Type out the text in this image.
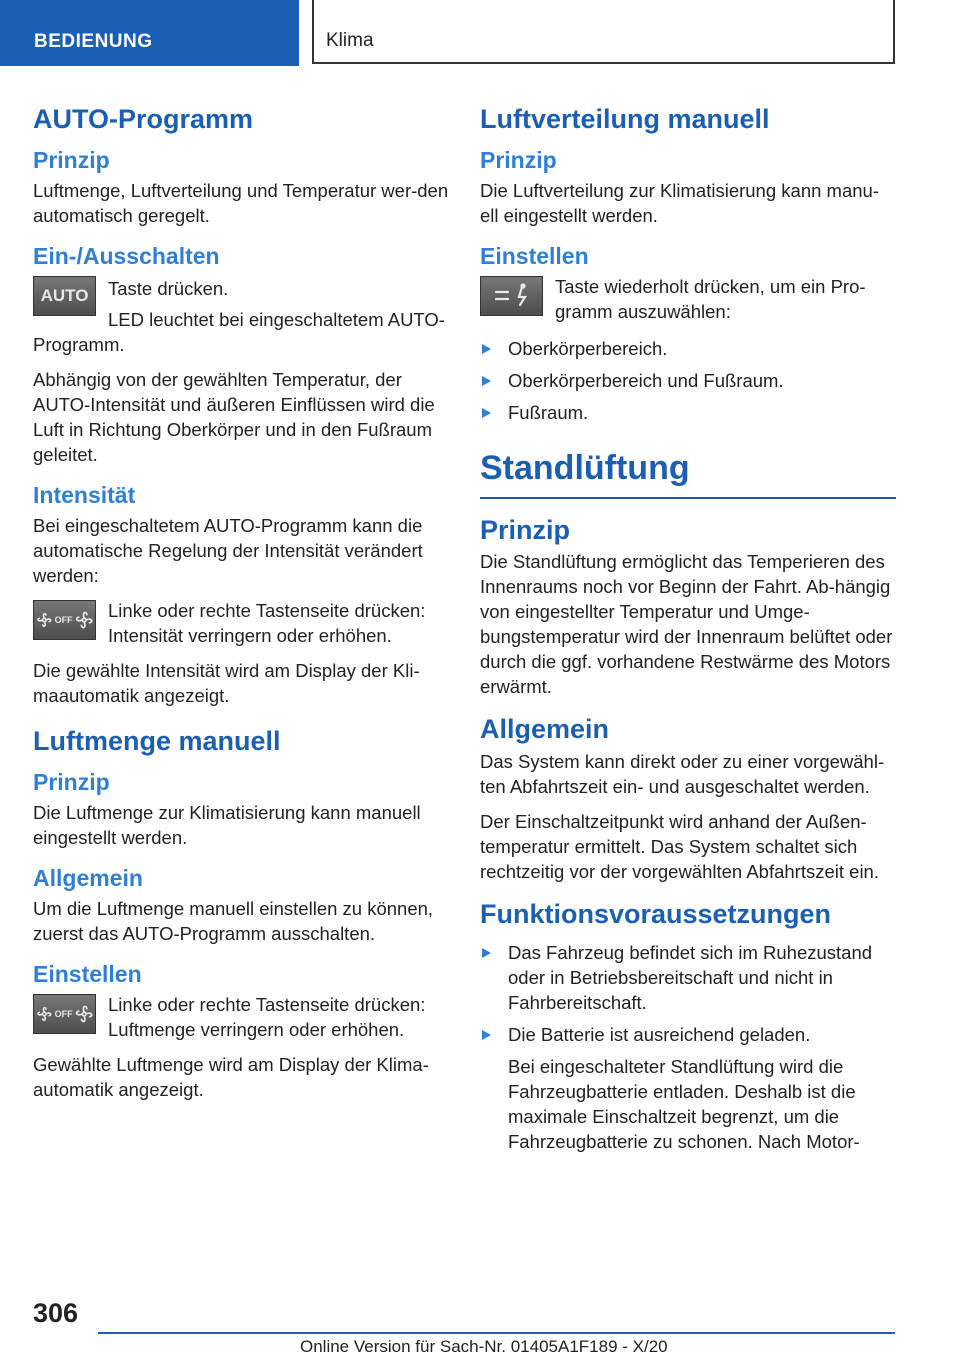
BEDIENUNG	Klima
AUTO-Programm
Prinzip

Luftmenge, Luftverteilung und Temperatur wer-den automatisch geregelt.

Ein-/Ausschalten
AUTO	Taste drücken.

LED leuchtet bei eingeschaltetem AUTO-Programm.

Abhängig von der gewählten Temperatur, der AUTO-Intensität und äußeren Einflüssen wird die Luft in Richtung Oberkörper und in den Fußraum geleitet.

Intensität

Bei eingeschaltetem AUTO-Programm kann die automatische Regelung der Intensität verändert werden:

OFF	Linke oder rechte Tastenseite drücken: Intensität verringern oder erhöhen.

Die gewählte Intensität wird am Display der Kli-maautomatik angezeigt.

Luftmenge manuell
Prinzip

Die Luftmenge zur Klimatisierung kann manuell eingestellt werden.

Allgemein

Um die Luftmenge manuell einstellen zu können, zuerst das AUTO-Programm ausschalten.

Einstellen
OFF	Linke oder rechte Tastenseite drücken: Luftmenge verringern oder erhöhen.

Gewählte Luftmenge wird am Display der Klima-automatik angezeigt.

Luftverteilung manuell
Prinzip

Die Luftverteilung zur Klimatisierung kann manu-ell eingestellt werden.

Einstellen

Taste wiederholt drücken, um ein Pro-gramm auszuwählen:

Oberkörperbereich.
Oberkörperbereich und Fußraum.
Fußraum.
Standlüftung
Prinzip

Die Standlüftung ermöglicht das Temperieren des Innenraums noch vor Beginn der Fahrt. Ab-hängig von eingestellter Temperatur und Umge-bungstemperatur wird der Innenraum belüftet oder durch die ggf. vorhandene Restwärme des Motors erwärmt.

Allgemein

Das System kann direkt oder zu einer vorgewähl-ten Abfahrtszeit ein- und ausgeschaltet werden.

Der Einschaltzeitpunkt wird anhand der Außen-temperatur ermittelt. Das System schaltet sich rechtzeitig vor der vorgewählten Abfahrtszeit ein.

Funktionsvoraussetzungen
Das Fahrzeug befindet sich im Ruhezustand oder in Betriebsbereitschaft und nicht in Fahrbereitschaft.
Die Batterie ist ausreichend geladen.
Bei eingeschalteter Standlüftung wird die Fahrzeugbatterie entladen. Deshalb ist die maximale Einschaltzeit begrenzt, um die Fahrzeugbatterie zu schonen. Nach Motor-
306
Online Version für Sach-Nr. 01405A1F189 - X/20
